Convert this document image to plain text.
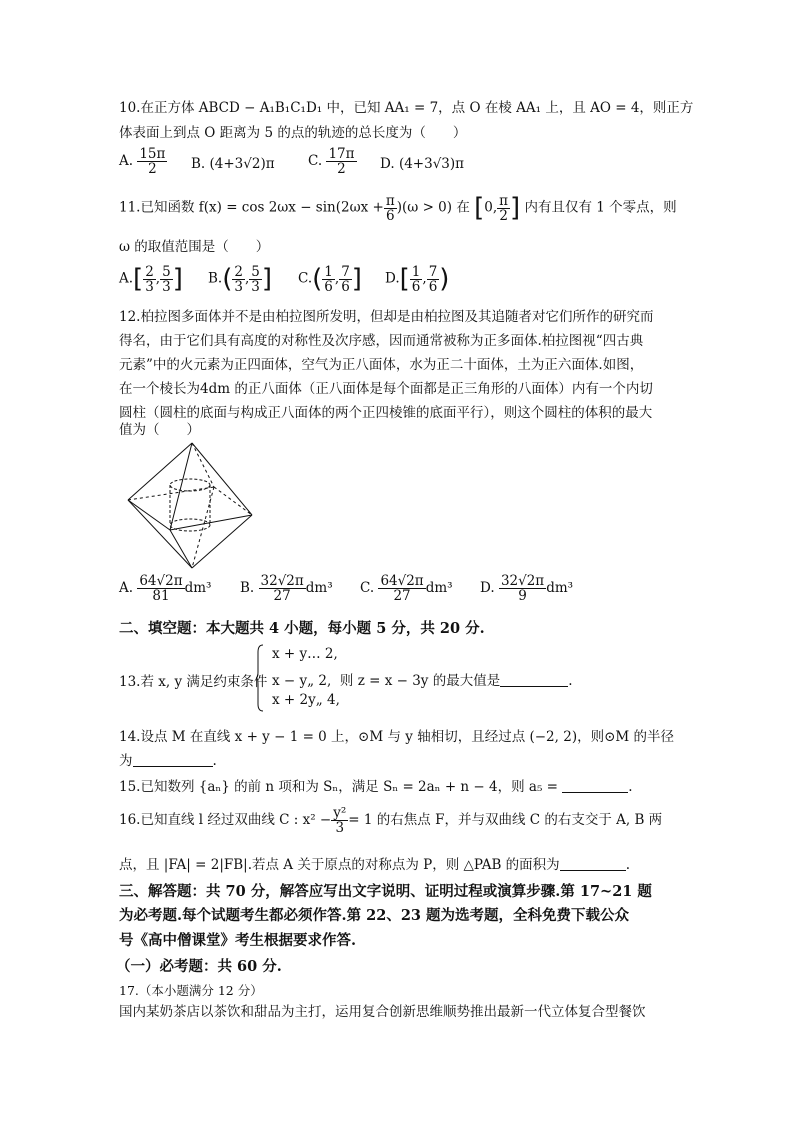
10.在正方体 ABCD − A₁B₁C₁D₁ 中，已知 AA₁ = 7，点 O 在棱 AA₁ 上，且 AO = 4，则正方
体表面上到点 O 距离为 5 的点的轨迹的总长度为（　　）
A. $\frac{15\pi}{2} B$. (4+3√2)π C. $\frac{17\pi}{2} D$. (4+3√3)π
11.已知函数 $f(x) = \cos 2\omega x - \sin(2\omega x + \frac{\pi}{6} )(\omega > 0)$ 在 [0, $\frac{\pi}{2}$ ] 内有且仅有 1 个零点，则
ω 的取值范围是（　　）
$A.[ \frac{2}{3}$ , $\frac{5}{3}$ ] $B.( \frac{2}{3}$ , $\frac{5}{3}$ ] $C.( \frac{1}{6}$ , $\frac{7}{6}$ ] $D.[ \frac{1}{6}$ , $\frac{7}{6}$ )
12.柏拉图多面体并不是由柏拉图所发明，但却是由柏拉图及其追随者对它们所作的研究而
得名，由于它们具有高度的对称性及次序感，因而通常被称为正多面体.柏拉图视“四古典
元素”中的火元素为正四面体，空气为正八面体，水为正二十面体，土为正六面体.如图，
在一个棱长为4dm 的正八面体（正八面体是每个面都是正三角形的八面体）内有一个内切
圆柱（圆柱的底面与构成正八面体的两个正四棱锥的底面平行），则这个圆柱的体积的最大
值为（　　）
A. $\frac{64√2\pi}{81} dm^3$ B. $\frac{32√2\pi}{27} dm^3$ C. $\frac{64√2\pi}{27} dm^3$ D. $\frac{32√2\pi}{9} dm^3$
二、填空题：本大题共 4 小题，每小题 5 分，共 20 分.
13.若 x, y 满足约束条件
x + y… 2,
x − y„ 2, 则 z = x − 3y 的最大值是	.
x + 2y„ 4,
14.设点 M 在直线 x + y − 1 = 0 上，⊙M 与 y 轴相切，且经过点 (−2, 2)，则⊙M 的半径
为	.
15.已知数列 {aₙ} 的前 n 项和为 Sₙ，满足 Sₙ = 2aₙ + n − 4，则 a₅ =	.
16.已知直线 l 经过双曲线 C : $x^2 - \frac{\text{y²}}{3} = 1$ 的右焦点 F，并与双曲线 C 的右支交于 A, B 两
点，且 |FA| = 2|FB|.若点 A 关于原点的对称点为 P，则 △PAB 的面积为	.
三、解答题：共 70 分，解答应写出文字说明、证明过程或演算步骤.第 17~21 题
为必考题.每个试题考生都必须作答.第 22、23 题为选考题，全科免费下载公众
号《高中僧课堂》考生根据要求作答.
（一）必考题：共 60 分.
17.（本小题满分 12 分）
国内某奶茶店以茶饮和甜品为主打，运用复合创新思维顺势推出最新一代立体复合型餐饮
